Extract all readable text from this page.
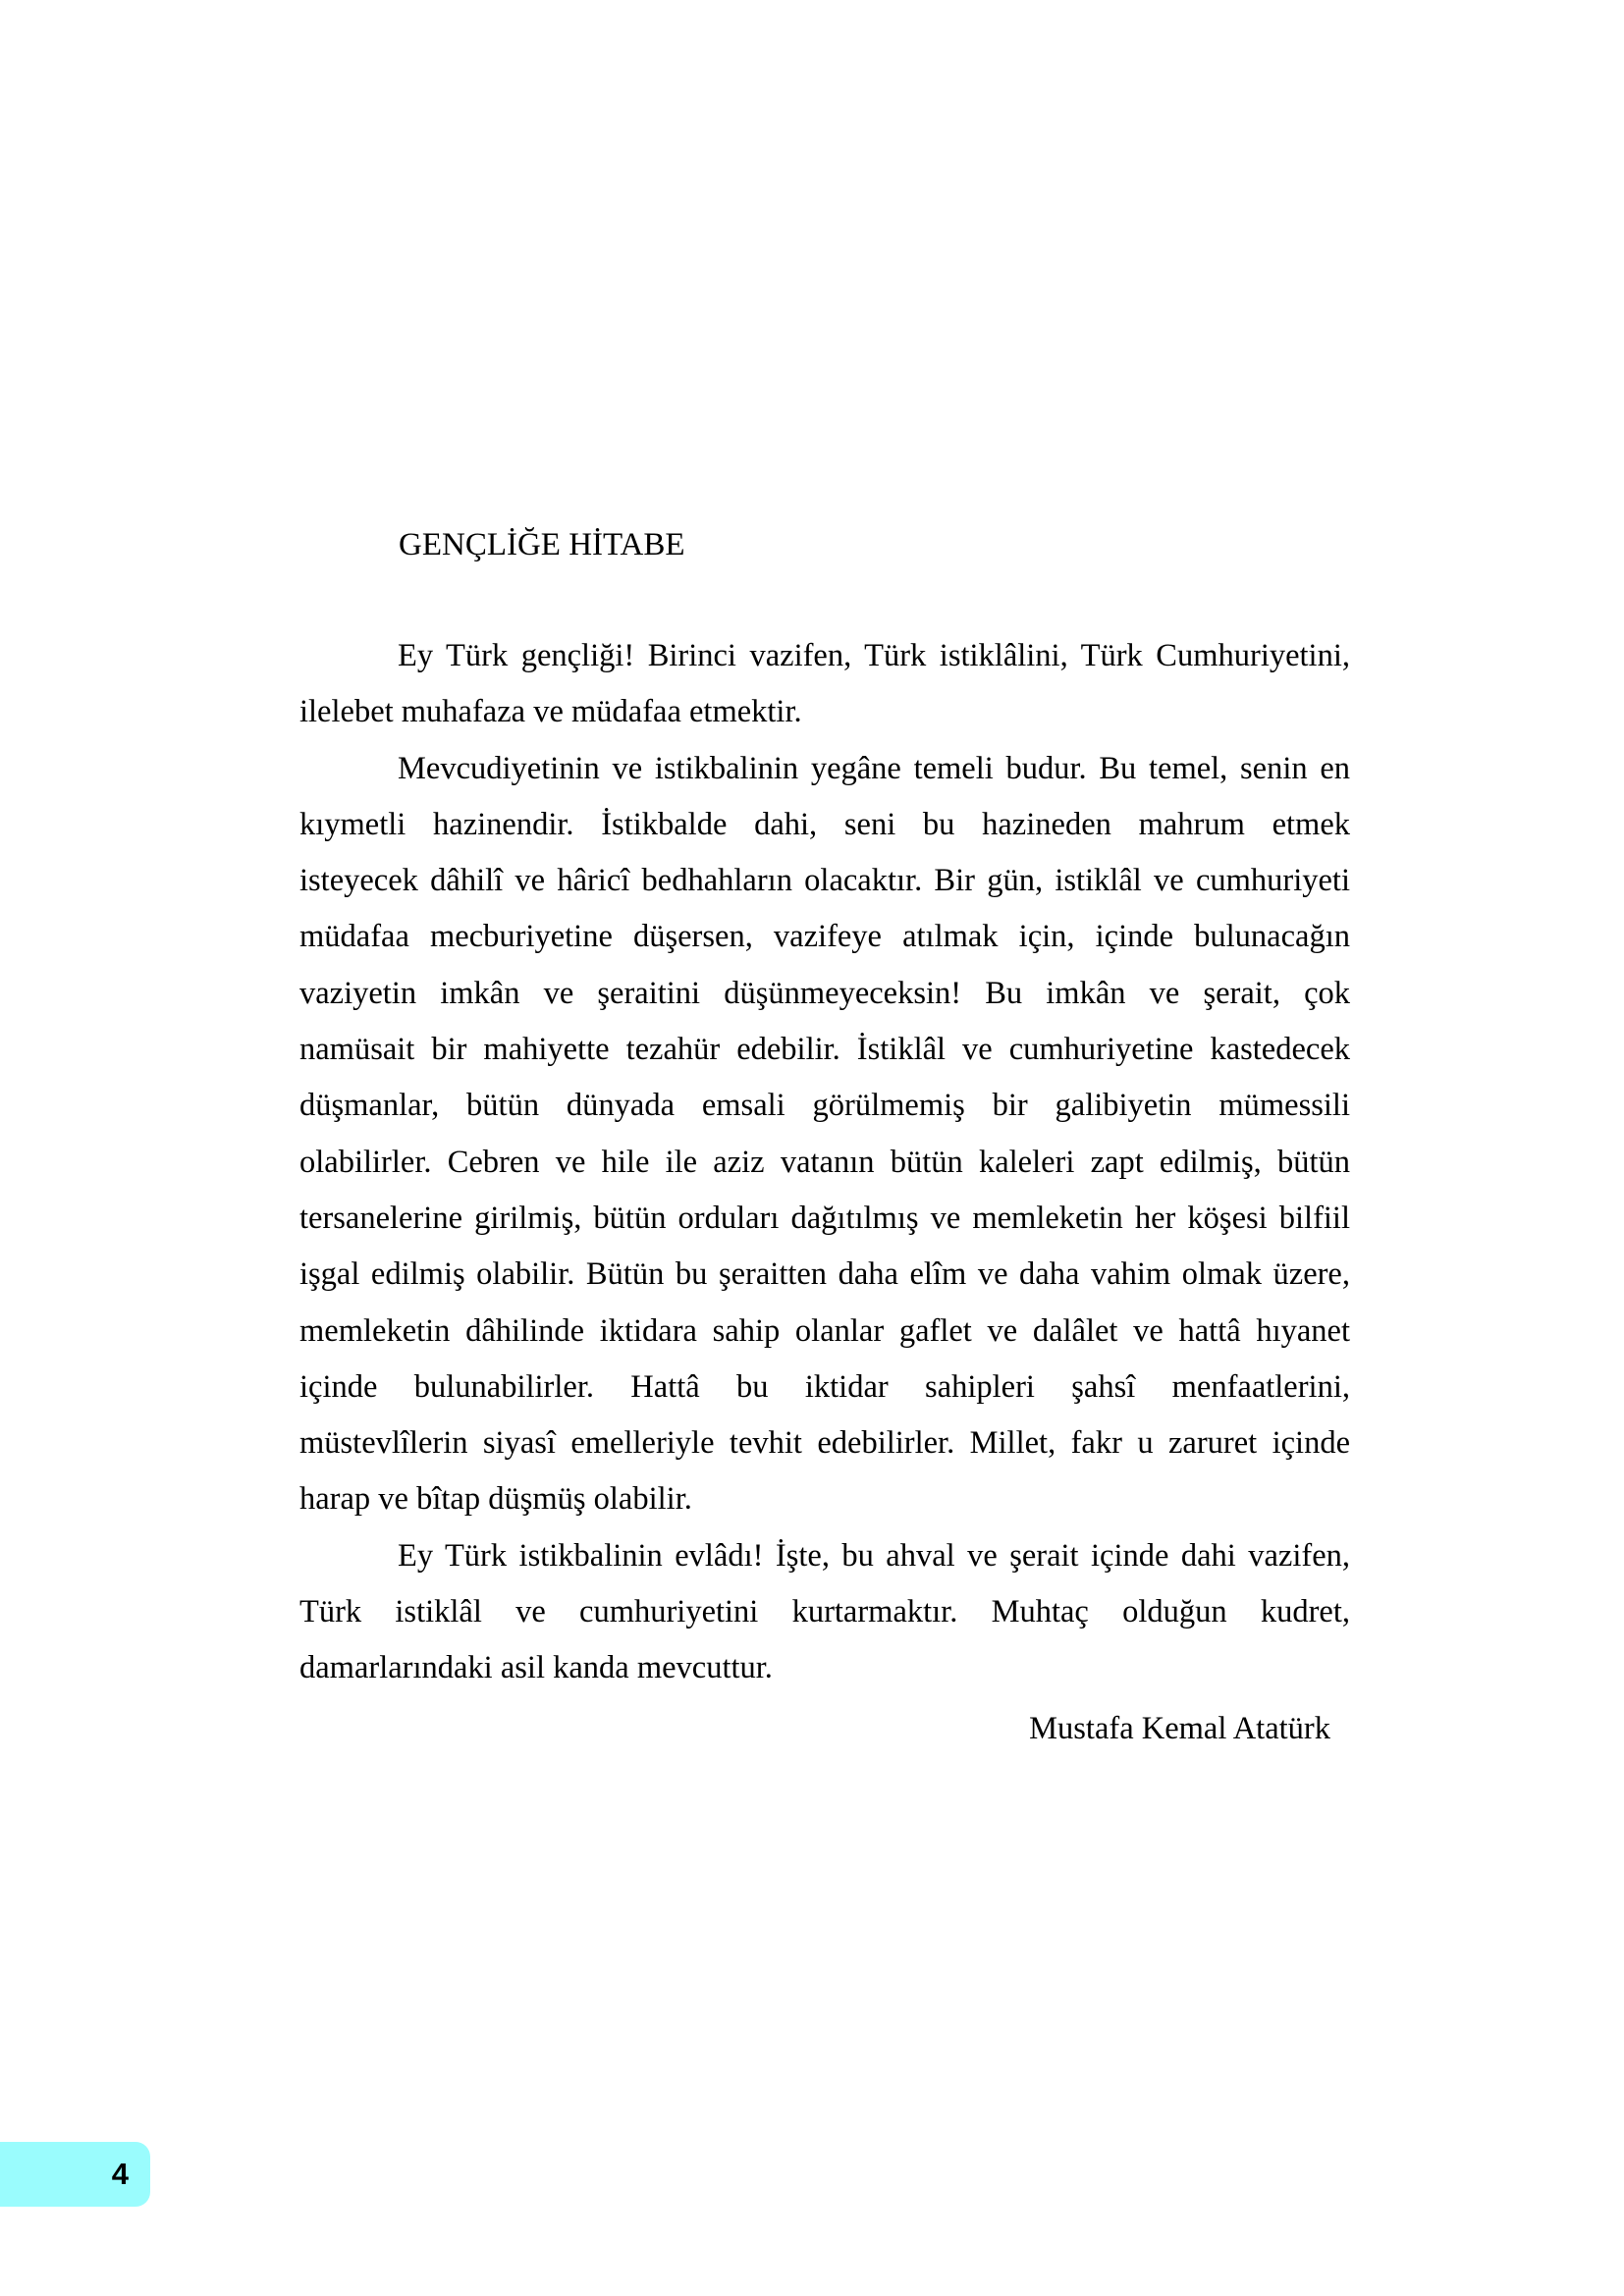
GENÇLİĞE HİTABE
Ey Türk gençliği! Birinci vazifen, Türk istiklâlini, Türk Cumhuriyetini,
ilelebet muhafaza ve müdafaa etmektir.
Mevcudiyetinin ve istikbalinin yegâne temeli budur. Bu temel, senin en
kıymetli hazinendir. İstikbalde dahi, seni bu hazineden mahrum etmek
isteyecek dâhilî ve hâricî bedhahların olacaktır. Bir gün, istiklâl ve cumhuriyeti
müdafaa mecburiyetine düşersen, vazifeye atılmak için, içinde bulunacağın
vaziyetin imkân ve şeraitini düşünmeyeceksin! Bu imkân ve şerait, çok
namüsait bir mahiyette tezahür edebilir. İstiklâl ve cumhuriyetine kastedecek
düşmanlar, bütün dünyada emsali görülmemiş bir galibiyetin mümessili
olabilirler. Cebren ve hile ile aziz vatanın bütün kaleleri zapt edilmiş, bütün
tersanelerine girilmiş, bütün orduları dağıtılmış ve memleketin her köşesi bilfiil
işgal edilmiş olabilir. Bütün bu şeraitten daha elîm ve daha vahim olmak üzere,
memleketin dâhilinde iktidara sahip olanlar gaflet ve dalâlet ve hattâ hıyanet
içinde bulunabilirler. Hattâ bu iktidar sahipleri şahsî menfaatlerini,
müstevlîlerin siyasî emelleriyle tevhit edebilirler. Millet, fakr u zaruret içinde
harap ve bîtap düşmüş olabilir.
Ey Türk istikbalinin evlâdı! İşte, bu ahval ve şerait içinde dahi vazifen,
Türk istiklâl ve cumhuriyetini kurtarmaktır. Muhtaç olduğun kudret,
damarlarındaki asil kanda mevcuttur.
Mustafa Kemal Atatürk
4
